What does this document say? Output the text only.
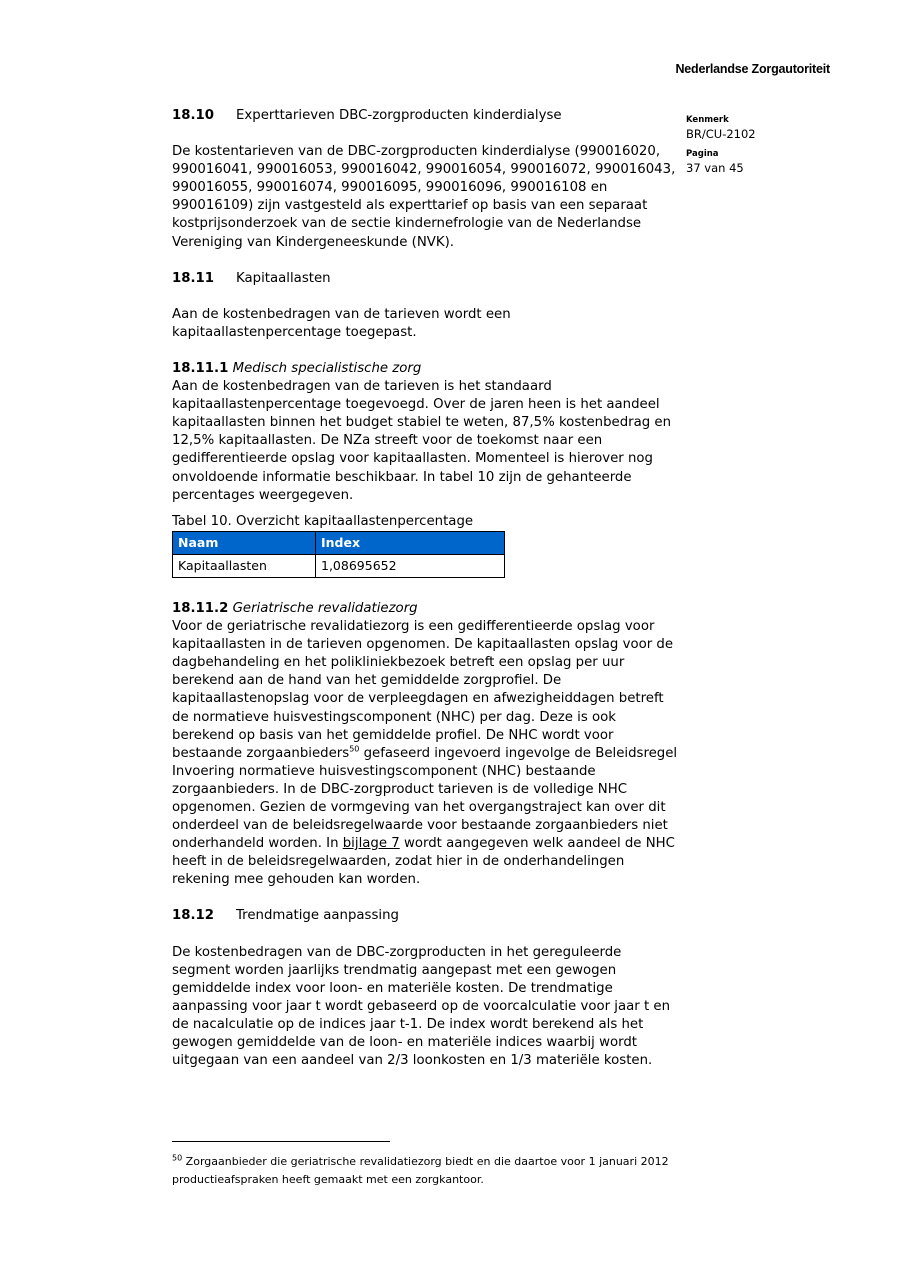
Nederlandse Zorgautoriteit
Kenmerk
BR/CU-2102
Pagina
37 van 45
18.10 Experttarieven DBC-zorgproducten kinderdialyse

De kostentarieven van de DBC-zorgproducten kinderdialyse (990016020, 990016041, 990016053, 990016042, 990016054, 990016072, 990016043, 990016055, 990016074, 990016095, 990016096, 990016108 en 990016109) zijn vastgesteld als experttarief op basis van een separaat kostprijsonderzoek van de sectie kindernefrologie van de Nederlandse Vereniging van Kindergeneeskunde (NVK).

18.11 Kapitaallasten

Aan de kostenbedragen van de tarieven wordt een kapitaallastenpercentage toegepast.

18.11.1 Medisch specialistische zorg

Aan de kostenbedragen van de tarieven is het standaard kapitaallastenpercentage toegevoegd. Over de jaren heen is het aandeel kapitaallasten binnen het budget stabiel te weten, 87,5% kostenbedrag en 12,5% kapitaallasten. De NZa streeft voor de toekomst naar een gedifferentieerde opslag voor kapitaallasten. Momenteel is hierover nog onvoldoende informatie beschikbaar. In tabel 10 zijn de gehanteerde percentages weergegeven.

Tabel 10. Overzicht kapitaallastenpercentage
Naam	Index
Kapitaallasten	1,08695652
18.11.2 Geriatrische revalidatiezorg

Voor de geriatrische revalidatiezorg is een gedifferentieerde opslag voor kapitaallasten in de tarieven opgenomen. De kapitaallasten opslag voor de dagbehandeling en het polikliniekbezoek betreft een opslag per uur berekend aan de hand van het gemiddelde zorgprofiel. De kapitaallastenopslag voor de verpleegdagen en afwezigheiddagen betreft de normatieve huisvestingscomponent (NHC) per dag. Deze is ook berekend op basis van het gemiddelde profiel. De NHC wordt voor bestaande zorgaanbieders$^{50}$ gefaseerd ingevoerd ingevolge de Beleidsregel Invoering normatieve huisvestingscomponent (NHC) bestaande zorgaanbieders. In de DBC-zorgproduct tarieven is de volledige NHC opgenomen. Gezien de vormgeving van het overgangstraject kan over dit onderdeel van de beleidsregelwaarde voor bestaande zorgaanbieders niet onderhandeld worden. In bijlage 7 wordt aangegeven welk aandeel de NHC heeft in de beleidsregelwaarden, zodat hier in de onderhandelingen rekening mee gehouden kan worden.

18.12 Trendmatige aanpassing

De kostenbedragen van de DBC-zorgproducten in het gereguleerde segment worden jaarlijks trendmatig aangepast met een gewogen gemiddelde index voor loon- en materiële kosten. De trendmatige aanpassing voor jaar t wordt gebaseerd op de voorcalculatie voor jaar t en de nacalculatie op de indices jaar t-1. De index wordt berekend als het gewogen gemiddelde van de loon- en materiële indices waarbij wordt uitgegaan van een aandeel van 2/3 loonkosten en 1/3 materiële kosten.

$^{50}$ Zorgaanbieder die geriatrische revalidatiezorg biedt en die daartoe voor 1 januari 2012 productieafspraken heeft gemaakt met een zorgkantoor.
